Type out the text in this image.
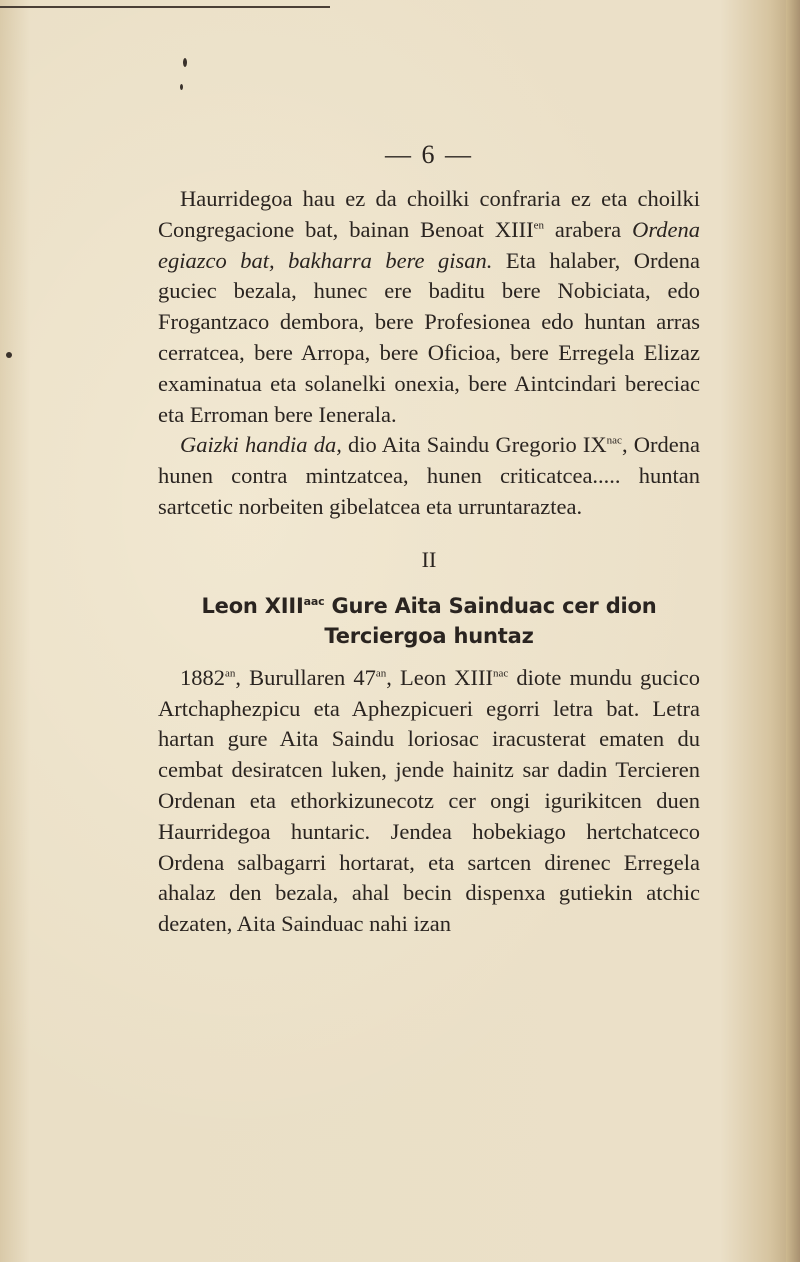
— 6 —

Haurridegoa hau ez da choilki confraria ez eta choilki Congregacione bat, bainan Benoat $XIII^{en}$ arabera Ordena egiazco bat, bakharra bere gisan. Eta halaber, Ordena guciec bezala, hunec ere baditu bere Nobiciata, edo Frogantzaco dembora, bere Profesionea edo huntan arras cerratcea, bere Arropa, bere Oficioa, bere Erregela Elizaz examinatua eta solanelki onexia, bere Aintcindari bereciac eta Erroman bere Ienerala.

Gaizki handia da, dio Aita Saindu Gregorio $IX^{nac}$, Ordena hunen contra mintzatcea, hunen criticatcea..... huntan sartcetic norbeiten gibelatcea eta urruntaraztea.

II
Leon $XIII^{aac}$ Gure Aita Sainduac cer dion
Terciergoa huntaz

$1882^{an}$, Burullaren $47^{an}$, Leon $XIII^{nac}$ diote mundu gucico Artchaphezpicu eta Aphezpicueri egorri letra bat. Letra hartan gure Aita Saindu loriosac iracusterat ematen du cembat desiratcen luken, jende hainitz sar dadin Tercieren Ordenan eta ethorkizunecotz cer ongi igurikitcen duen Haurridegoa huntaric. Jendea hobekiago hertchatceco Ordena salbagarri hortarat, eta sartcen direnec Erregela ahalaz den bezala, ahal becin dispenxa gutiekin atchic dezaten, Aita Sainduac nahi izan
